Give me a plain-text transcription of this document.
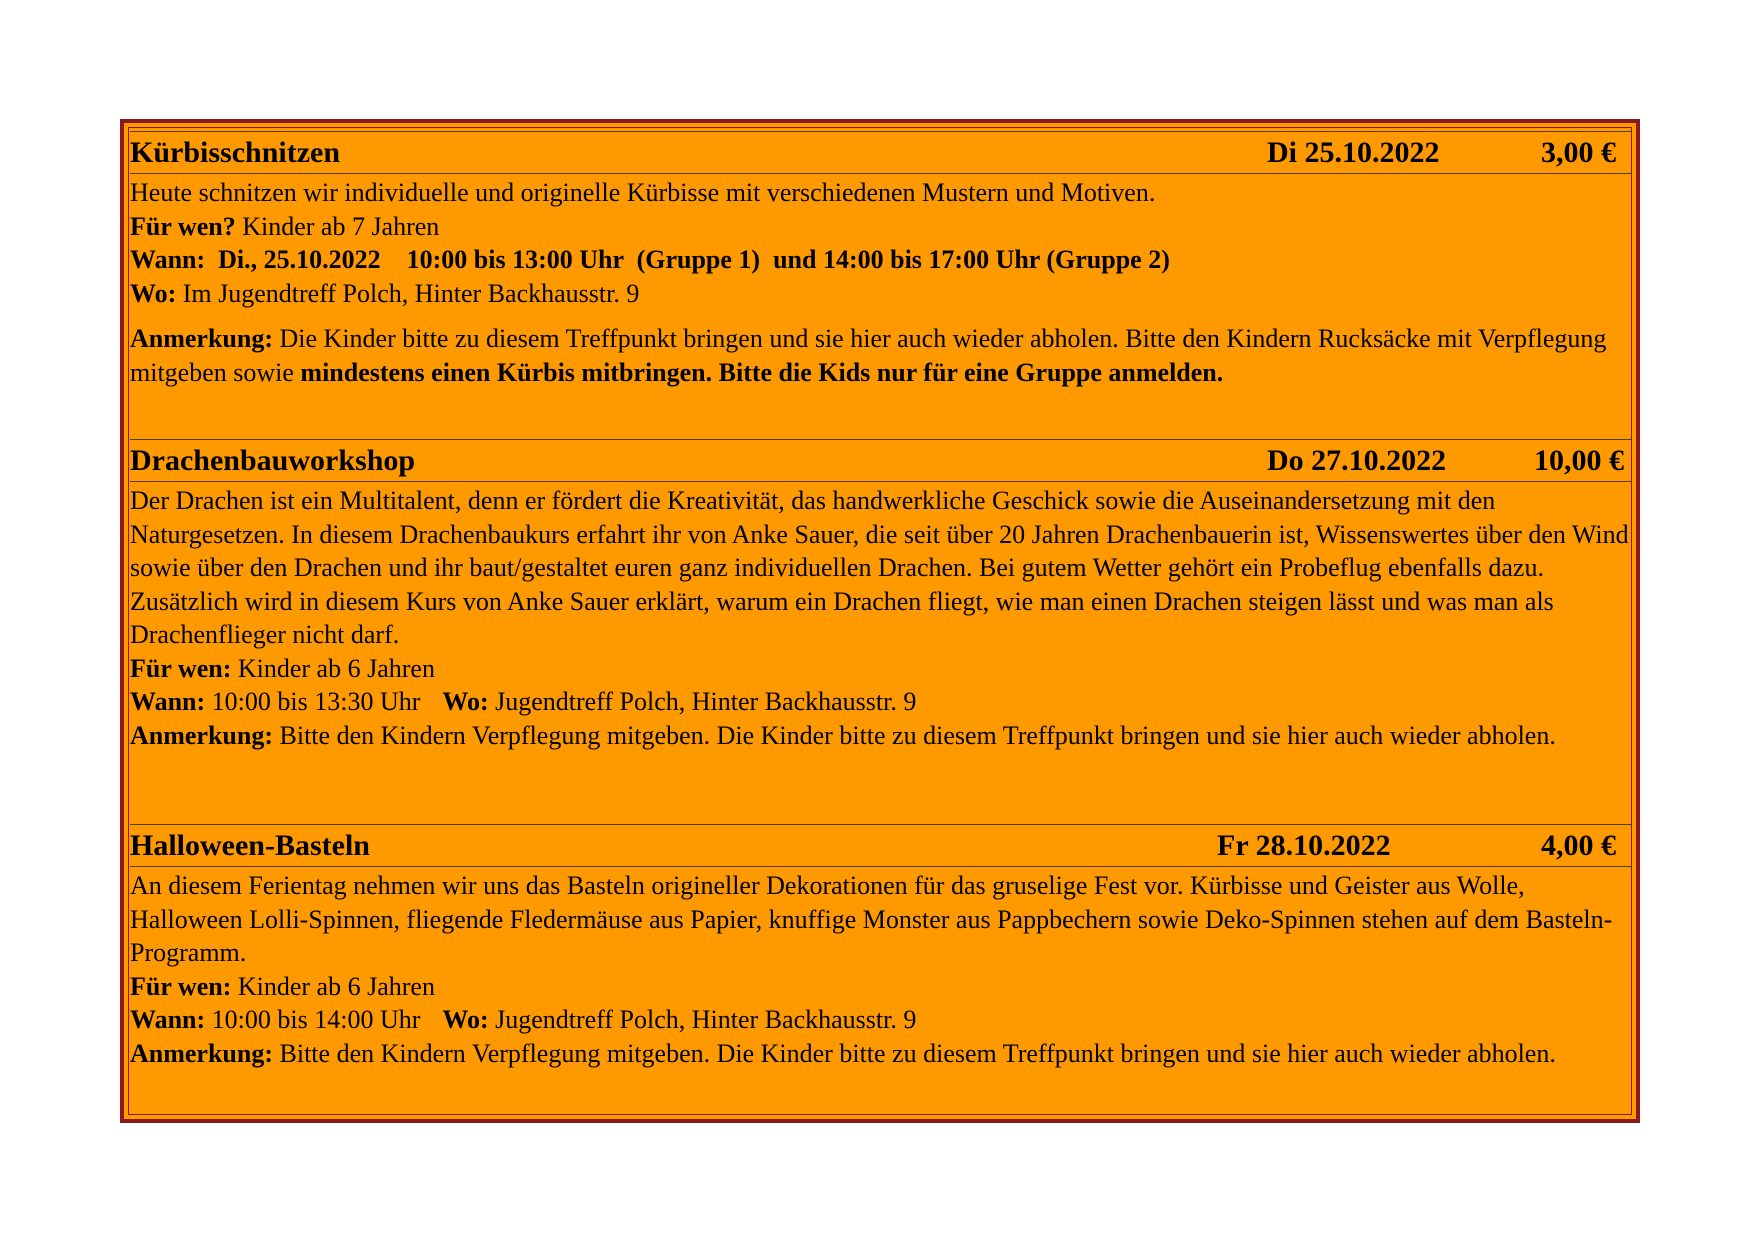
Kürbisschnitzen	Di 25.10.2022	3,00 €

Heute schnitzen wir individuelle und originelle Kürbisse mit verschiedenen Mustern und Motiven.

Für wen? Kinder ab 7 Jahren

Wann:  Di., 25.10.2022    10:00 bis 13:00 Uhr  (Gruppe 1)  und 14:00 bis 17:00 Uhr (Gruppe 2)

Wo: Im Jugendtreff Polch, Hinter Backhausstr. 9

Anmerkung: Die Kinder bitte zu diesem Treffpunkt bringen und sie hier auch wieder abholen. Bitte den Kindern Rucksäcke mit Verpflegung mitgeben sowie mindestens einen Kürbis mitbringen. Bitte die Kids nur für eine Gruppe anmelden.

Drachenbauworkshop	Do 27.10.2022	10,00 €

Der Drachen ist ein Multitalent, denn er fördert die Kreativität, das handwerkliche Geschick sowie die Auseinandersetzung mit den Naturgesetzen. In diesem Drachenbaukurs erfahrt ihr von Anke Sauer, die seit über 20 Jahren Drachenbauerin ist, Wissenswertes über den Wind sowie über den Drachen und ihr baut/gestaltet euren ganz individuellen Drachen. Bei gutem Wetter gehört ein Probeflug ebenfalls dazu. Zusätzlich wird in diesem Kurs von Anke Sauer erklärt, warum ein Drachen fliegt, wie man einen Drachen steigen lässt und was man als Drachenflieger nicht darf.

Für wen: Kinder ab 6 Jahren

Wann: 10:00 bis 13:30 Uhr Wo: Jugendtreff Polch, Hinter Backhausstr. 9

Anmerkung: Bitte den Kindern Verpflegung mitgeben. Die Kinder bitte zu diesem Treffpunkt bringen und sie hier auch wieder abholen.

Halloween-Basteln	Fr 28.10.2022	4,00 €

An diesem Ferientag nehmen wir uns das Basteln origineller Dekorationen für das gruselige Fest vor. Kürbisse und Geister aus Wolle, Halloween Lolli-Spinnen, fliegende Fledermäuse aus Papier, knuffige Monster aus Pappbechern sowie Deko-Spinnen stehen auf dem Basteln-Programm.

Für wen: Kinder ab 6 Jahren

Wann: 10:00 bis 14:00 Uhr Wo: Jugendtreff Polch, Hinter Backhausstr. 9

Anmerkung: Bitte den Kindern Verpflegung mitgeben. Die Kinder bitte zu diesem Treffpunkt bringen und sie hier auch wieder abholen.
